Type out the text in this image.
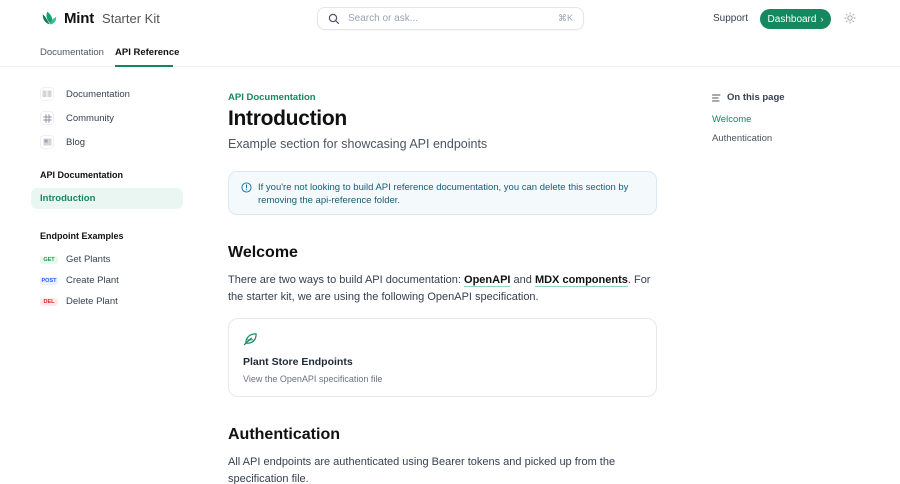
Mint Starter Kit	Search or ask...	⌘K	Support Dashboard ›
Documentation API Reference
Documentation
Community
Blog
API Documentation
Introduction
Endpoint Examples
GET	Get Plants
POST Create Plant
DEL	Delete Plant
API Documentation
Introduction
Example section for showcasing API endpoints
If you're not looking to build API reference documentation, you can delete this section by removing the api-reference folder.
Welcome
There are two ways to build API documentation: OpenAPI and MDX components. For the starter kit, we are using the following OpenAPI specification.
Plant Store Endpoints
View the OpenAPI specification file
Authentication
All API endpoints are authenticated using Bearer tokens and picked up from the specification file.
On this page
Welcome
Authentication
